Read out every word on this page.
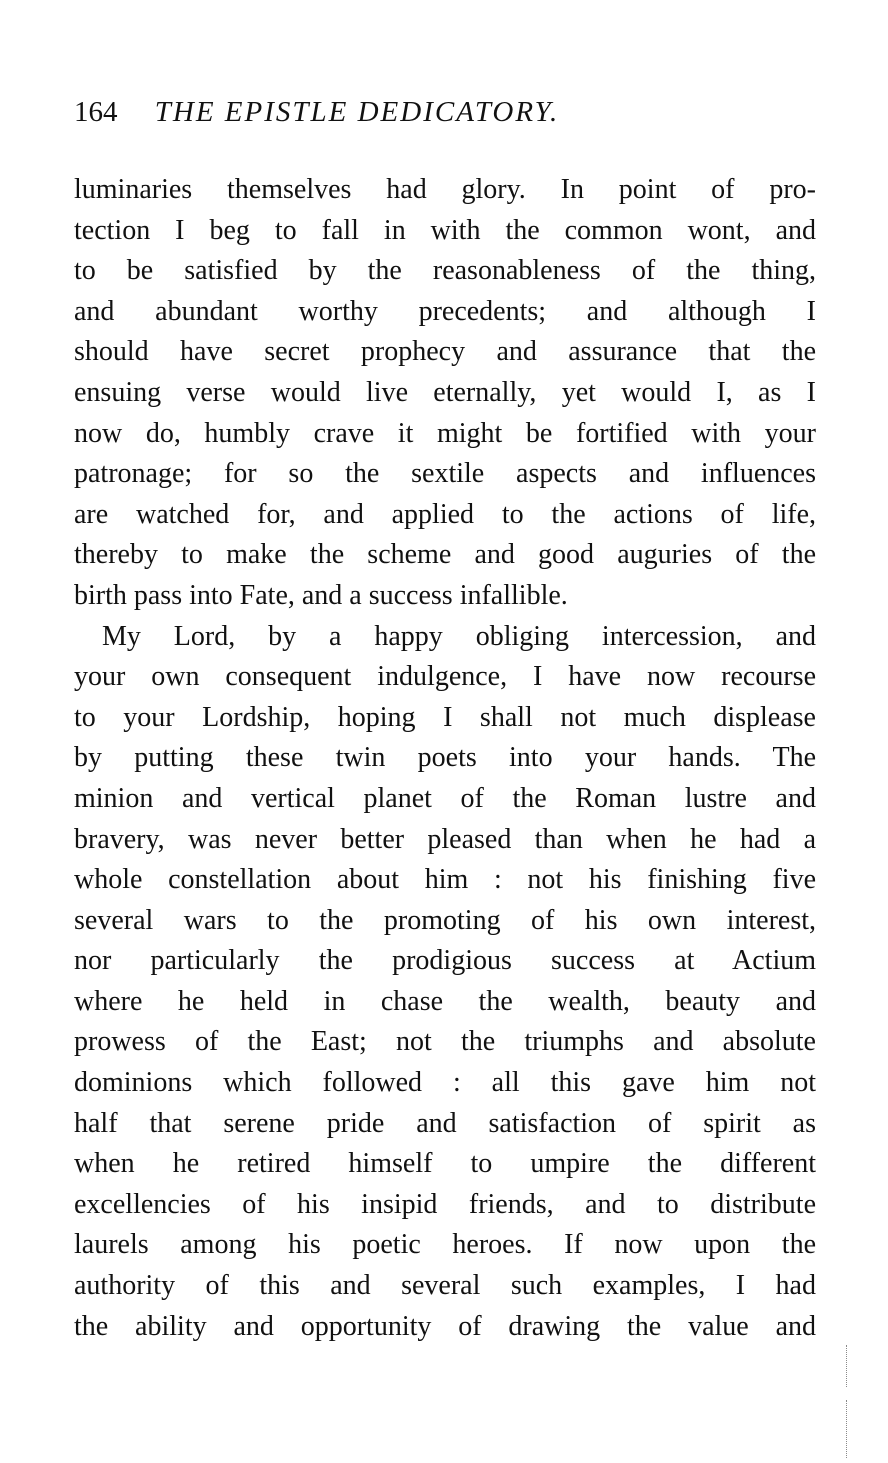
164 THE EPISTLE DEDICATORY.
luminaries themselves had glory. In point of pro-
tection I beg to fall in with the common wont, and
to be satisfied by the reasonableness of the thing,
and abundant worthy precedents; and although I
should have secret prophecy and assurance that the
ensuing verse would live eternally, yet would I, as I
now do, humbly crave it might be fortified with your
patronage; for so the sextile aspects and influences
are watched for, and applied to the actions of life,
thereby to make the scheme and good auguries of the
birth pass into Fate, and a success infallible.
My Lord, by a happy obliging intercession, and
your own consequent indulgence, I have now recourse
to your Lordship, hoping I shall not much displease
by putting these twin poets into your hands. The
minion and vertical planet of the Roman lustre and
bravery, was never better pleased than when he had a
whole constellation about him : not his finishing five
several wars to the promoting of his own interest,
nor particularly the prodigious success at Actium
where he held in chase the wealth, beauty and
prowess of the East; not the triumphs and absolute
dominions which followed : all this gave him not
half that serene pride and satisfaction of spirit as
when he retired himself to umpire the different
excellencies of his insipid friends, and to distribute
laurels among his poetic heroes. If now upon the
authority of this and several such examples, I had
the ability and opportunity of drawing the value and
